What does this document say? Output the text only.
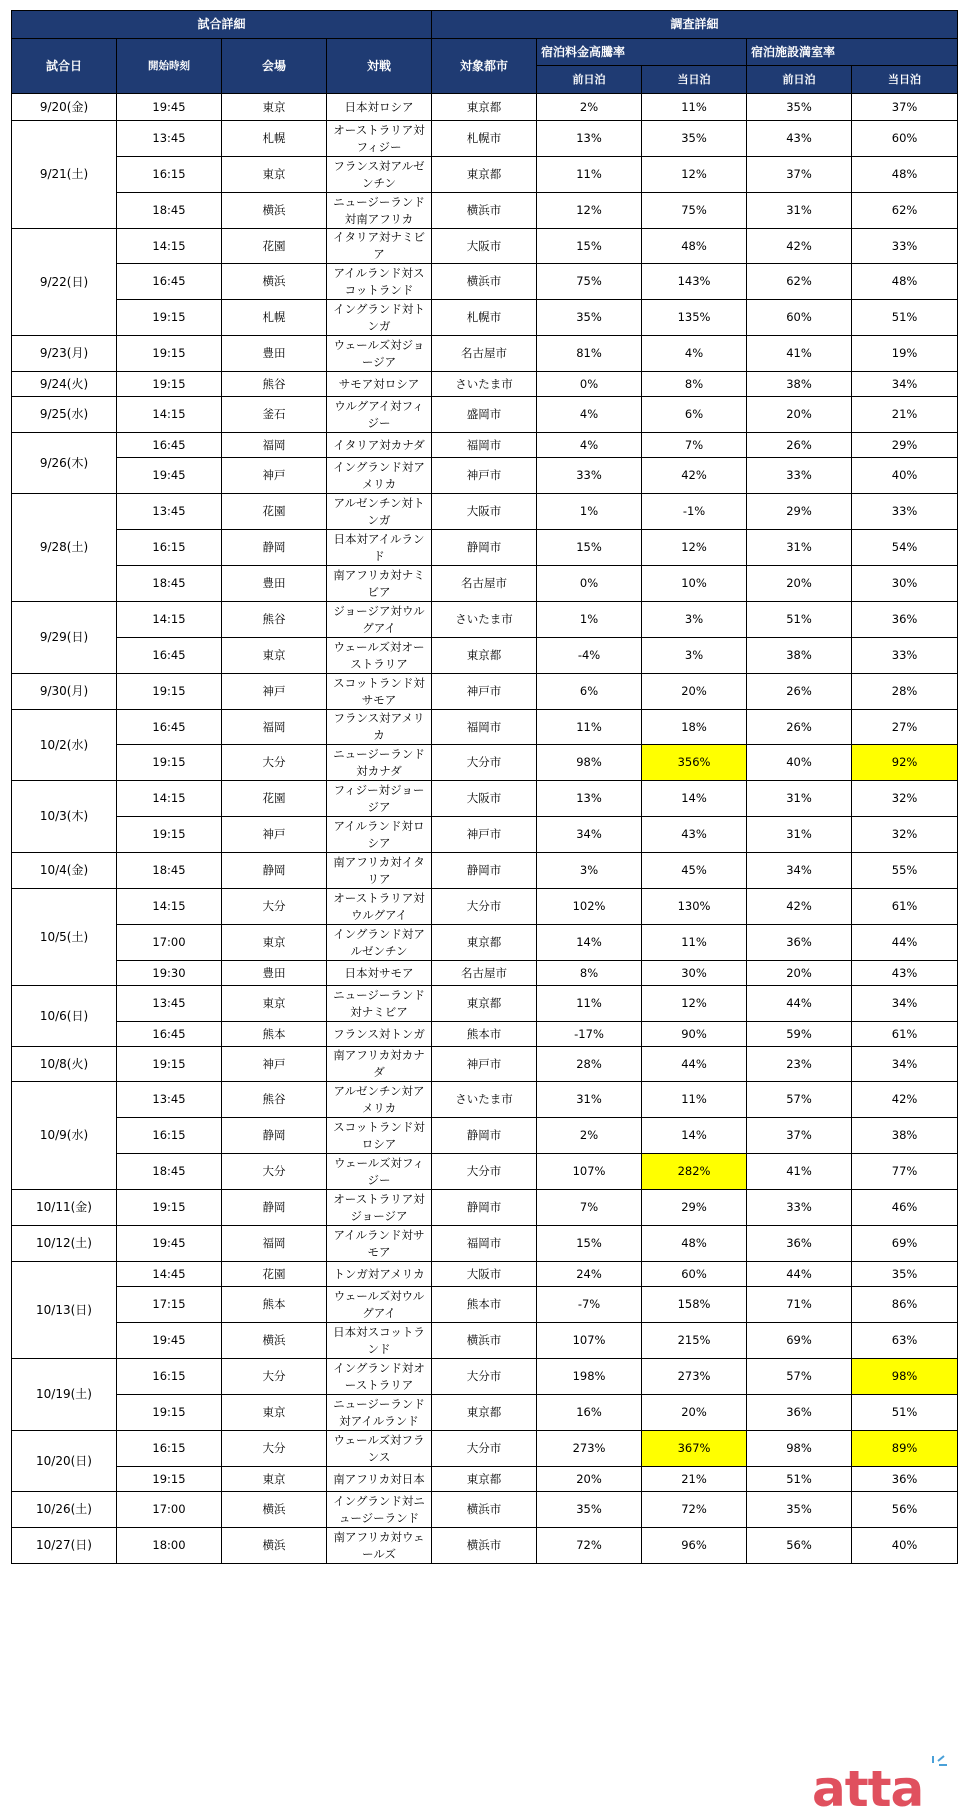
試合詳細				調査詳細				
試合日	開始時刻	会場	対戦	対象都市	宿泊料金高騰率		宿泊施設満室率	
					前日泊	当日泊	前日泊	当日泊
9/20(金)	19:45	東京	日本対ロシア	東京都	2%	11%	35%	37%
9/21(土)	13:45	札幌	オーストラリア対フィジー	札幌市	13%	35%	43%	60%
	16:15	東京	フランス対アルゼンチン	東京都	11%	12%	37%	48%
	18:45	横浜	ニュージーランド対南アフリカ	横浜市	12%	75%	31%	62%
9/22(日)	14:15	花園	イタリア対ナミビア	大阪市	15%	48%	42%	33%
	16:45	横浜	アイルランド対スコットランド	横浜市	75%	143%	62%	48%
	19:15	札幌	イングランド対トンガ	札幌市	35%	135%	60%	51%
9/23(月)	19:15	豊田	ウェールズ対ジョージア	名古屋市	81%	4%	41%	19%
9/24(火)	19:15	熊谷	サモア対ロシア	さいたま市	0%	8%	38%	34%
9/25(水)	14:15	釜石	ウルグアイ対フィジー	盛岡市	4%	6%	20%	21%
9/26(木)	16:45	福岡	イタリア対カナダ	福岡市	4%	7%	26%	29%
	19:45	神戸	イングランド対アメリカ	神戸市	33%	42%	33%	40%
9/28(土)	13:45	花園	アルゼンチン対トンガ	大阪市	1%	-1%	29%	33%
	16:15	静岡	日本対アイルランド	静岡市	15%	12%	31%	54%
	18:45	豊田	南アフリカ対ナミビア	名古屋市	0%	10%	20%	30%
9/29(日)	14:15	熊谷	ジョージア対ウルグアイ	さいたま市	1%	3%	51%	36%
	16:45	東京	ウェールズ対オーストラリア	東京都	-4%	3%	38%	33%
9/30(月)	19:15	神戸	スコットランド対サモア	神戸市	6%	20%	26%	28%
10/2(水)	16:45	福岡	フランス対アメリカ	福岡市	11%	18%	26%	27%
	19:15	大分	ニュージーランド対カナダ	大分市	98%	356%	40%	92%
10/3(木)	14:15	花園	フィジー対ジョージア	大阪市	13%	14%	31%	32%
	19:15	神戸	アイルランド対ロシア	神戸市	34%	43%	31%	32%
10/4(金)	18:45	静岡	南アフリカ対イタリア	静岡市	3%	45%	34%	55%
10/5(土)	14:15	大分	オーストラリア対ウルグアイ	大分市	102%	130%	42%	61%
	17:00	東京	イングランド対アルゼンチン	東京都	14%	11%	36%	44%
	19:30	豊田	日本対サモア	名古屋市	8%	30%	20%	43%
10/6(日)	13:45	東京	ニュージーランド対ナミビア	東京都	11%	12%	44%	34%
	16:45	熊本	フランス対トンガ	熊本市	-17%	90%	59%	61%
10/8(火)	19:15	神戸	南アフリカ対カナダ	神戸市	28%	44%	23%	34%
10/9(水)	13:45	熊谷	アルゼンチン対アメリカ	さいたま市	31%	11%	57%	42%
	16:15	静岡	スコットランド対ロシア	静岡市	2%	14%	37%	38%
	18:45	大分	ウェールズ対フィジー	大分市	107%	282%	41%	77%
10/11(金)	19:15	静岡	オーストラリア対ジョージア	静岡市	7%	29%	33%	46%
10/12(土)	19:45	福岡	アイルランド対サモア	福岡市	15%	48%	36%	69%
10/13(日)	14:45	花園	トンガ対アメリカ	大阪市	24%	60%	44%	35%
	17:15	熊本	ウェールズ対ウルグアイ	熊本市	-7%	158%	71%	86%
	19:45	横浜	日本対スコットランド	横浜市	107%	215%	69%	63%
10/19(土)	16:15	大分	イングランド対オーストラリア	大分市	198%	273%	57%	98%
	19:15	東京	ニュージーランド対アイルランド	東京都	16%	20%	36%	51%
10/20(日)	16:15	大分	ウェールズ対フランス	大分市	273%	367%	98%	89%
	19:15	東京	南アフリカ対日本	東京都	20%	21%	51%	36%
10/26(土)	17:00	横浜	イングランド対ニュージーランド	横浜市	35%	72%	35%	56%
10/27(日)	18:00	横浜	南アフリカ対ウェールズ	横浜市	72%	96%	56%	40%
atta
